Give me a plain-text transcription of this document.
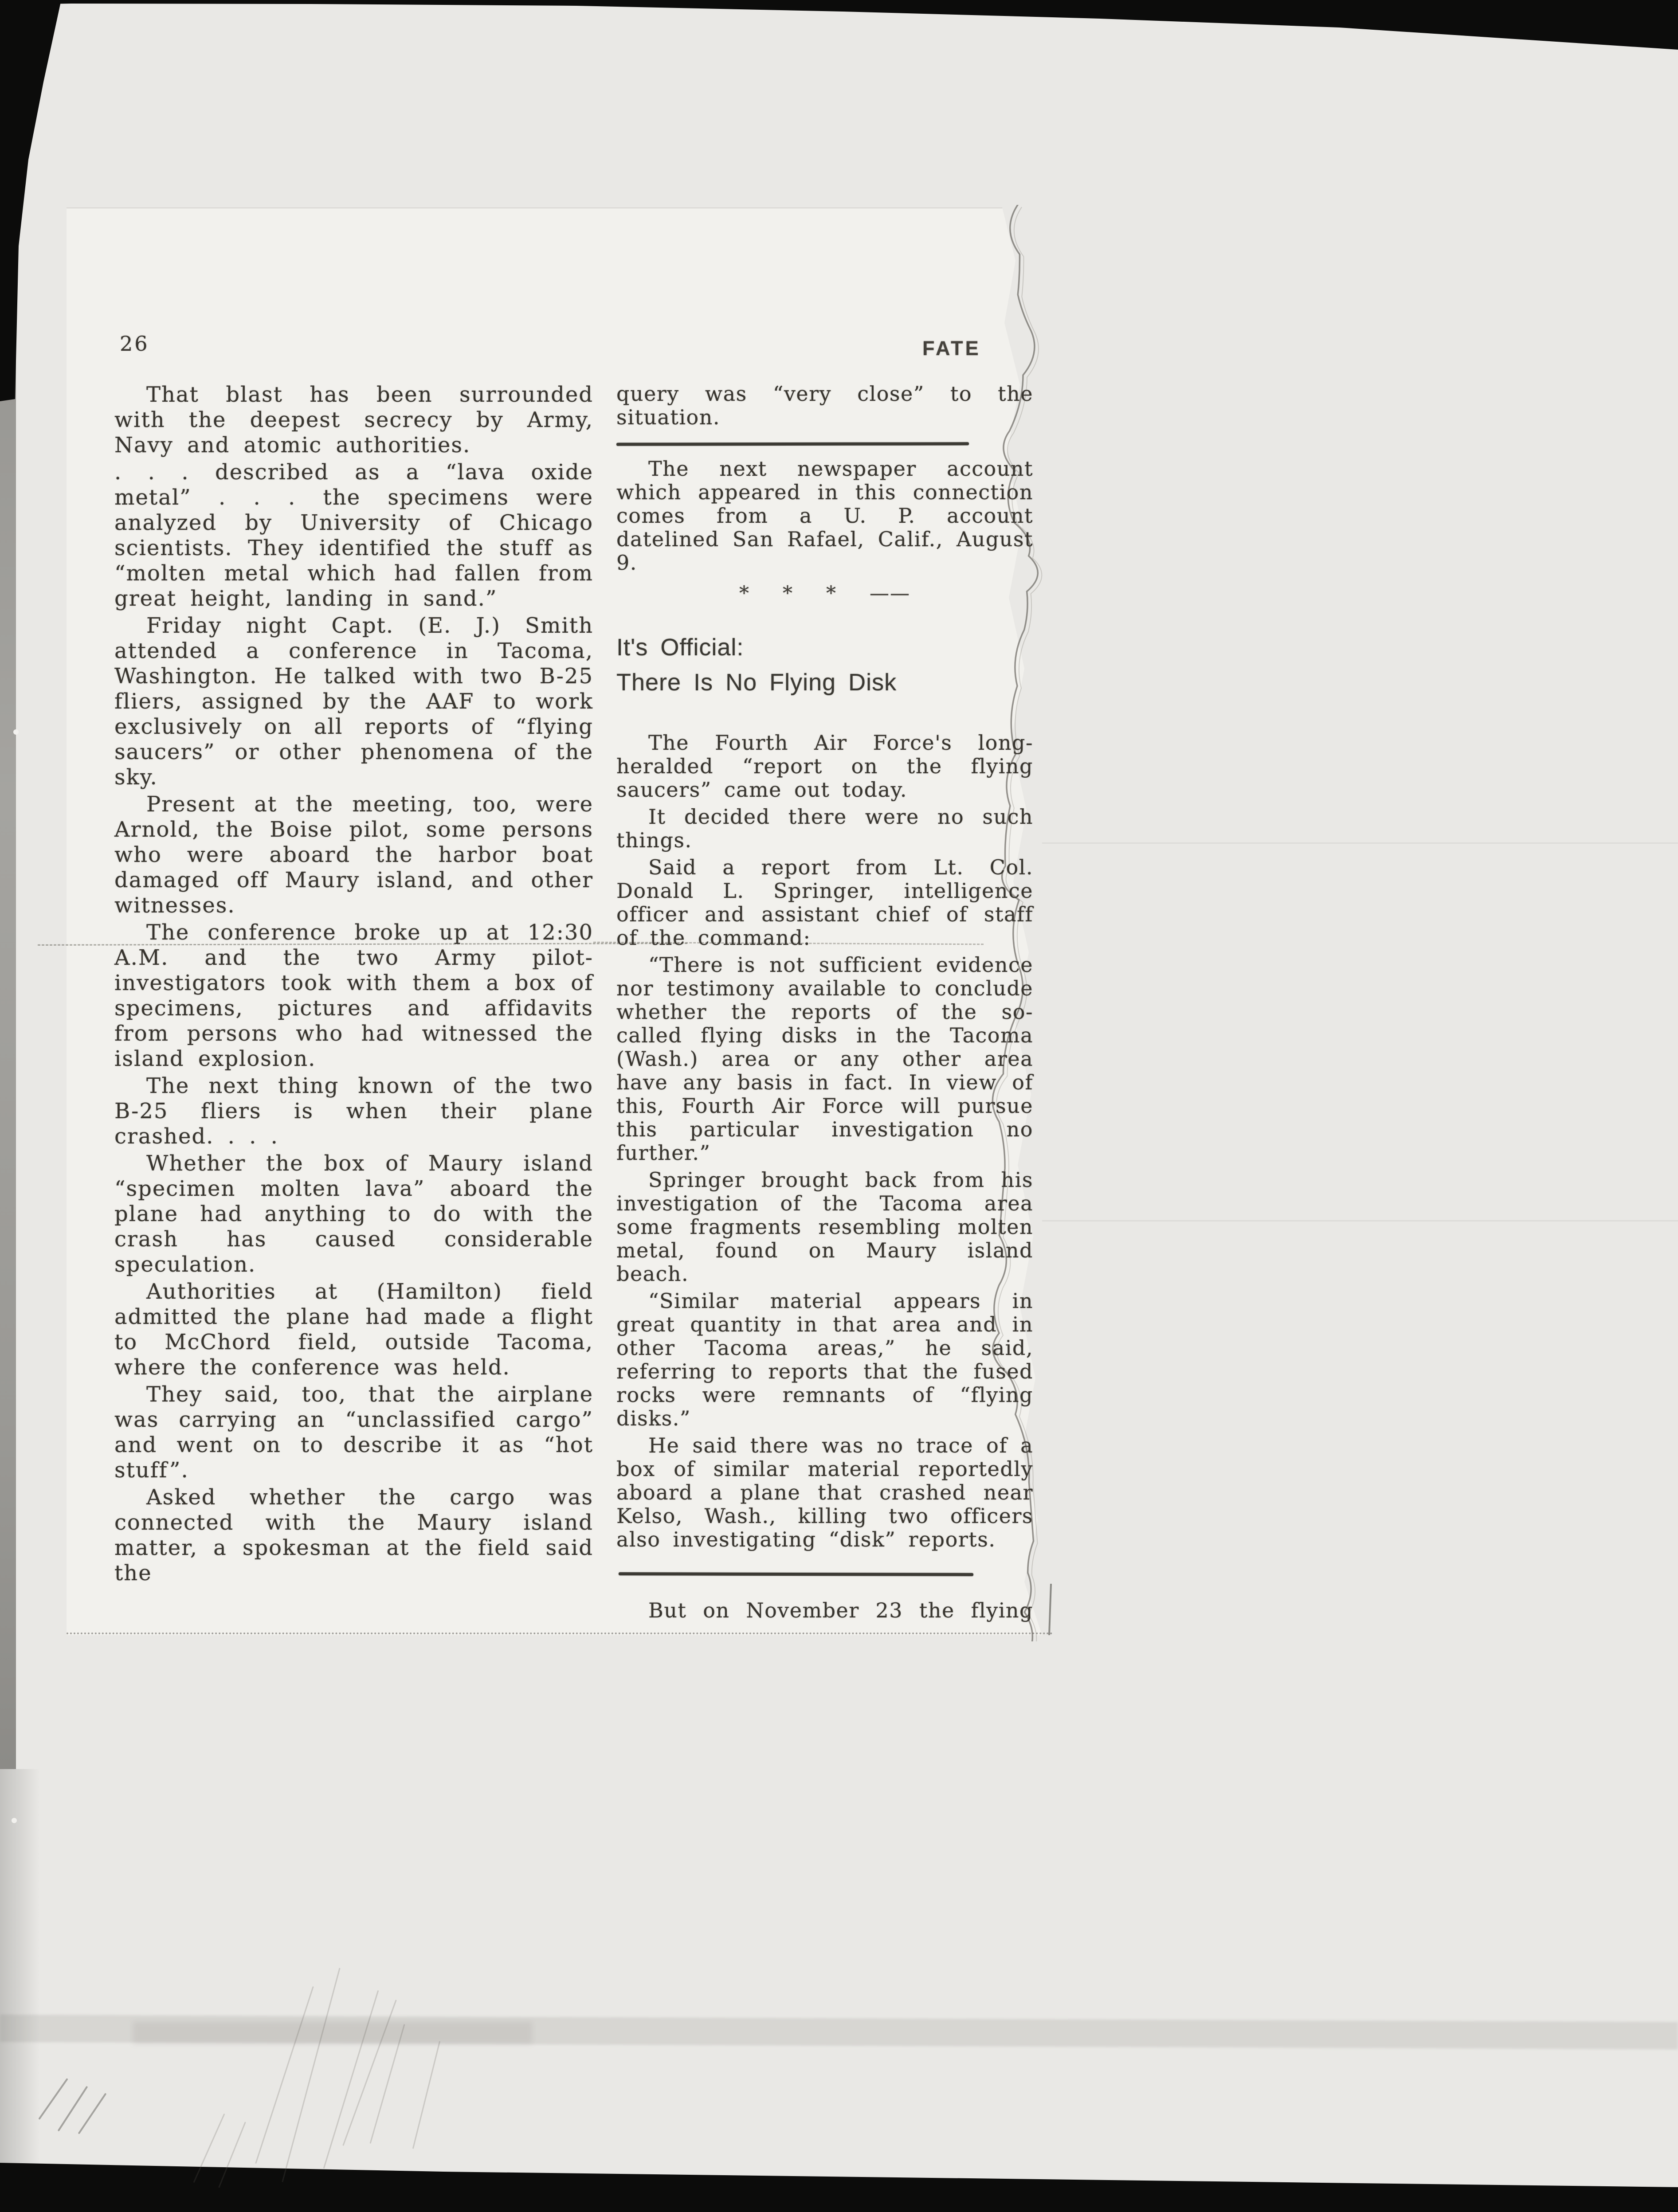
26	FATE

That blast has been surrounded with the deepest secrecy by Army, Navy and atomic authorities.

. . . described as a “lava oxide metal” . . . the specimens were analyzed by University of Chicago scientists. They identified the stuff as “molten metal which had fallen from great height, landing in sand.”

Friday night Capt. (E. J.) Smith attended a conference in Tacoma, Washington. He talked with two B-25 fliers, assigned by the AAF to work exclusively on all reports of “flying saucers” or other phenomena of the sky.

Present at the meeting, too, were Arnold, the Boise pilot, some persons who were aboard the harbor boat damaged off Maury island, and other witnesses.

The conference broke up at 12:30 A.M. and the two Army pilot-investigators took with them a box of specimens, pictures and affidavits from persons who had witnessed the island explosion.

The next thing known of the two B-25 fliers is when their plane crashed. . . .

Whether the box of Maury island “specimen molten lava” aboard the plane had anything to do with the crash has caused considerable speculation.

Authorities at (Hamilton) field admitted the plane had made a flight to McChord field, outside Tacoma, where the conference was held.

They said, too, that the airplane was carrying an “unclassified cargo” and went on to describe it as “hot stuff”.

Asked whether the cargo was connected with the Maury island matter, a spokesman at the field said the

query was “very close” to the situation.

The next newspaper account which appeared in this connection comes from a U. P. account datelined San Rafael, Calif., August 9.

* * * ——

It's Official:
There Is No Flying Disk

The Fourth Air Force's long-heralded “report on the flying saucers” came out today.

It decided there were no such things.

Said a report from Lt. Col. Donald L. Springer, intelligence officer and assistant chief of staff of the command:

“There is not sufficient evidence nor testimony available to conclude whether the reports of the so-called flying disks in the Tacoma (Wash.) area or any other area have any basis in fact. In view of this, Fourth Air Force will pursue this particular investigation no further.”

Springer brought back from his investigation of the Tacoma area some fragments resembling molten metal, found on Maury island beach.

“Similar material appears in great quantity in that area and in other Tacoma areas,” he said, referring to reports that the fused rocks were remnants of “flying disks.”

He said there was no trace of a box of similar material reportedly aboard a plane that crashed near Kelso, Wash., killing two officers also investigating “disk” reports.

But on November 23 the flying
